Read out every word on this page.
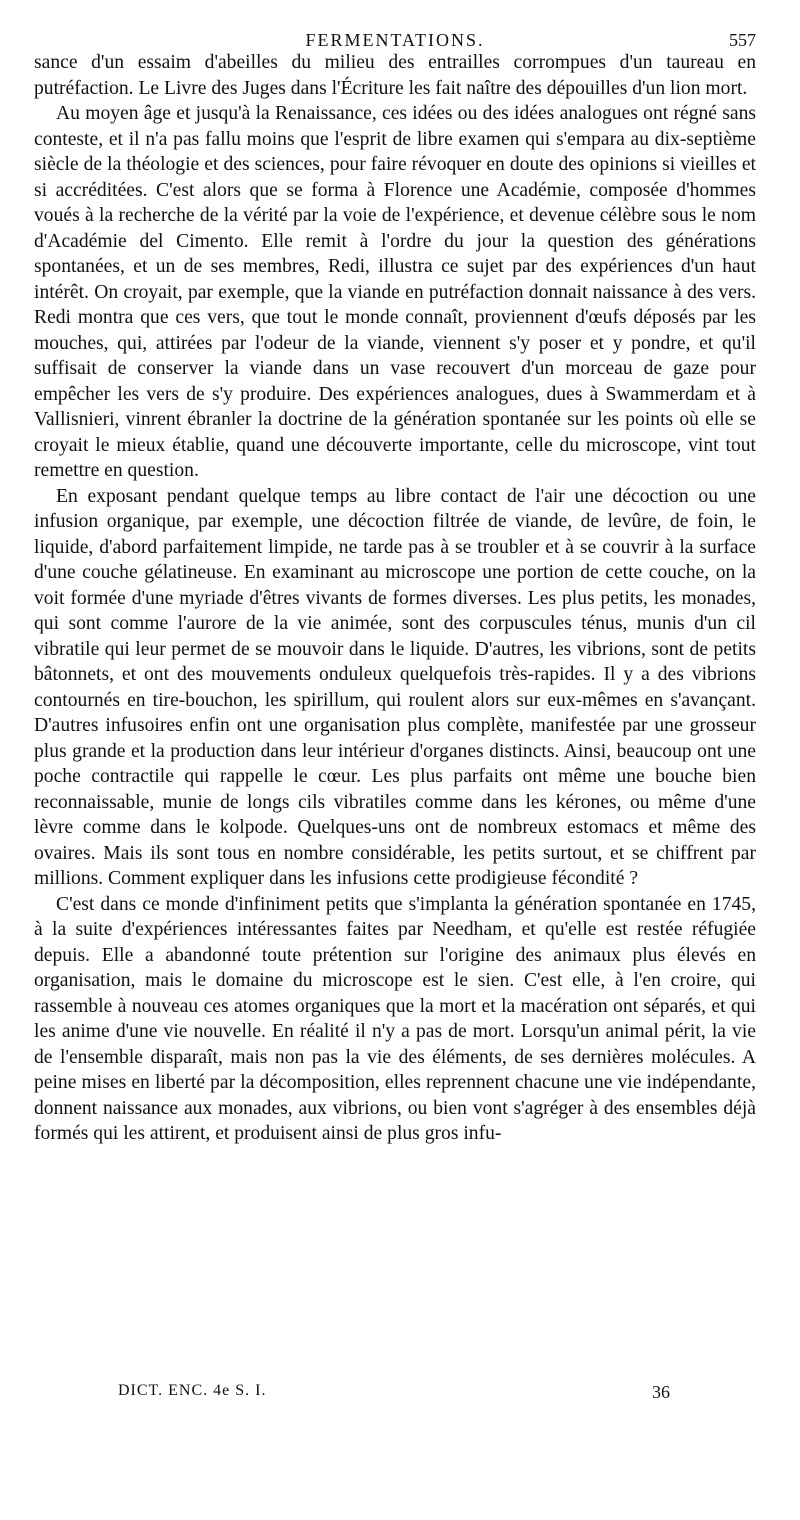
FERMENTATIONS.	557

sance d'un essaim d'abeilles du milieu des entrailles corrompues d'un taureau en putréfaction. Le Livre des Juges dans l'Écriture les fait naître des dépouilles d'un lion mort.

Au moyen âge et jusqu'à la Renaissance, ces idées ou des idées analogues ont régné sans conteste, et il n'a pas fallu moins que l'esprit de libre examen qui s'empara au dix-septième siècle de la théologie et des sciences, pour faire révoquer en doute des opinions si vieilles et si accréditées. C'est alors que se forma à Florence une Académie, composée d'hommes voués à la recherche de la vérité par la voie de l'expérience, et devenue célèbre sous le nom d'Académie del Cimento. Elle remit à l'ordre du jour la question des générations spontanées, et un de ses membres, Redi, illustra ce sujet par des expériences d'un haut intérêt. On croyait, par exemple, que la viande en putréfaction donnait naissance à des vers. Redi montra que ces vers, que tout le monde connaît, proviennent d'œufs déposés par les mouches, qui, attirées par l'odeur de la viande, viennent s'y poser et y pondre, et qu'il suffisait de conserver la viande dans un vase recouvert d'un morceau de gaze pour empêcher les vers de s'y produire. Des expériences analogues, dues à Swammerdam et à Vallisnieri, vinrent ébranler la doctrine de la génération spontanée sur les points où elle se croyait le mieux établie, quand une découverte importante, celle du microscope, vint tout remettre en question.

En exposant pendant quelque temps au libre contact de l'air une décoction ou une infusion organique, par exemple, une décoction filtrée de viande, de levûre, de foin, le liquide, d'abord parfaitement limpide, ne tarde pas à se troubler et à se couvrir à la surface d'une couche gélatineuse. En examinant au microscope une portion de cette couche, on la voit formée d'une myriade d'êtres vivants de formes diverses. Les plus petits, les monades, qui sont comme l'aurore de la vie animée, sont des corpuscules ténus, munis d'un cil vibratile qui leur permet de se mouvoir dans le liquide. D'autres, les vibrions, sont de petits bâtonnets, et ont des mouvements onduleux quelquefois très-rapides. Il y a des vibrions contournés en tire-bouchon, les spirillum, qui roulent alors sur eux-mêmes en s'avançant. D'autres infusoires enfin ont une organisation plus complète, manifestée par une grosseur plus grande et la production dans leur intérieur d'organes distincts. Ainsi, beaucoup ont une poche contractile qui rappelle le cœur. Les plus parfaits ont même une bouche bien reconnaissable, munie de longs cils vibratiles comme dans les kérones, ou même d'une lèvre comme dans le kolpode. Quelques-uns ont de nombreux estomacs et même des ovaires. Mais ils sont tous en nombre considérable, les petits surtout, et se chiffrent par millions. Comment expliquer dans les infusions cette prodigieuse fécondité ?

C'est dans ce monde d'infiniment petits que s'implanta la génération spontanée en 1745, à la suite d'expériences intéressantes faites par Needham, et qu'elle est restée réfugiée depuis. Elle a abandonné toute prétention sur l'origine des animaux plus élevés en organisation, mais le domaine du microscope est le sien. C'est elle, à l'en croire, qui rassemble à nouveau ces atomes organiques que la mort et la macération ont séparés, et qui les anime d'une vie nouvelle. En réalité il n'y a pas de mort. Lorsqu'un animal périt, la vie de l'ensemble disparaît, mais non pas la vie des éléments, de ses dernières molécules. A peine mises en liberté par la décomposition, elles reprennent chacune une vie indépendante, donnent naissance aux monades, aux vibrions, ou bien vont s'agréger à des ensembles déjà formés qui les attirent, et produisent ainsi de plus gros infu-

DICT. ENC. 4e S. I.	36
